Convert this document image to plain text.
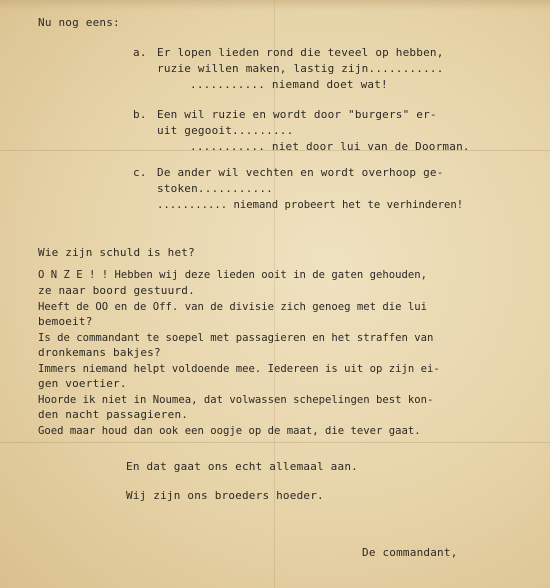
Nu nog eens:
a. Er lopen lieden rond die teveel op hebben,
ruzie willen maken, lastig zijn...........
........... niemand doet wat!
b. Een wil ruzie en wordt door "burgers" er-
uit gegooit.........
........... niet door lui van de Doorman.
c. De ander wil vechten en wordt overhoop ge-
stoken...........
........... niemand probeert het te verhinderen!
Wie zijn schuld is het?
O N Z E ! ! Hebben wij deze lieden ooit in de gaten gehouden,
ze naar boord gestuurd.
Heeft de OO en de Off. van de divisie zich genoeg met die lui
bemoeit?
Is de commandant te soepel met passagieren en het straffen van
dronkemans bakjes?
Immers niemand helpt voldoende mee. Iedereen is uit op zijn ei-
gen voertier.
Hoorde ik niet in Noumea, dat volwassen schepelingen best kon-
den nacht passagieren.
Goed maar houd dan ook een oogje op de maat, die tever gaat.
En dat gaat ons echt allemaal aan.
Wij zijn ons broeders hoeder.
De commandant,
